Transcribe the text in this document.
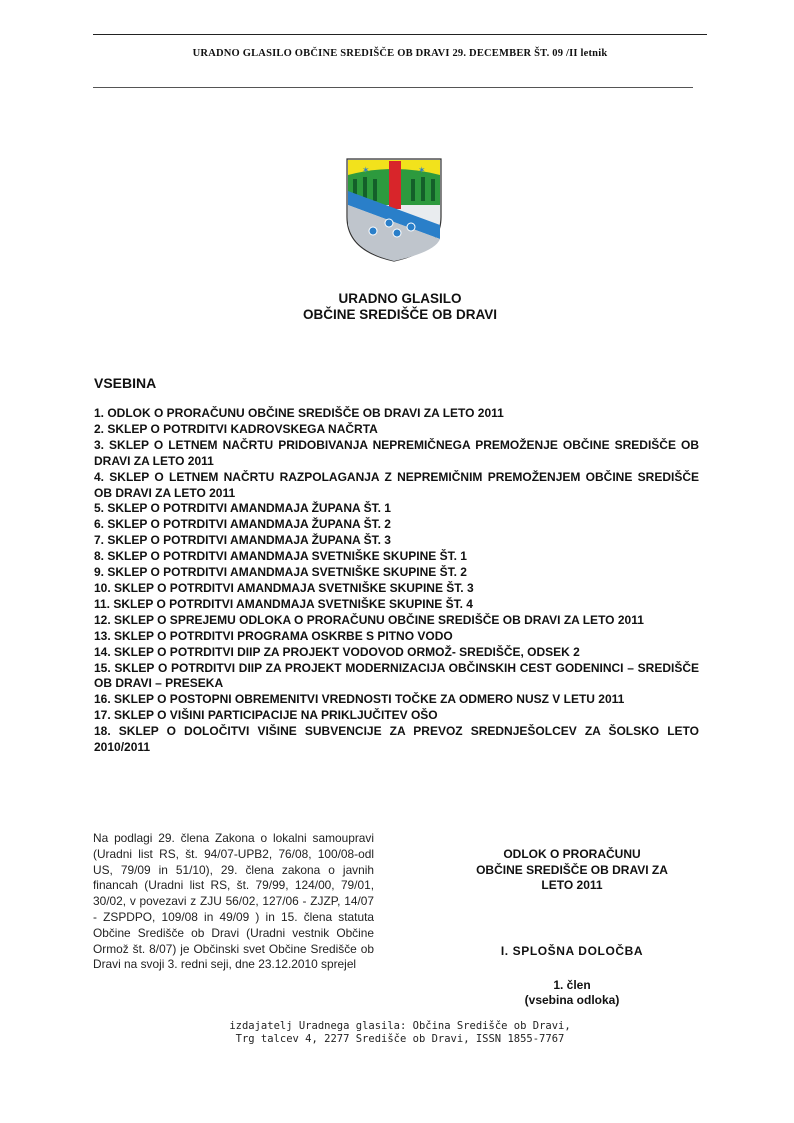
URADNO GLASILO OBČINE SREDIŠČE OB DRAVI 29. DECEMBER ŠT. 09 /II letnik
✶	✶
URADNO GLASILO
OBČINE SREDIŠČE OB DRAVI
VSEBINA
1. ODLOK O PRORAČUNU OBČINE SREDIŠČE OB DRAVI ZA LETO 2011
2. SKLEP O POTRDITVI KADROVSKEGA NAČRTA
3. SKLEP O LETNEM NAČRTU PRIDOBIVANJA NEPREMIČNEGA PREMOŽENJE OBČINE SREDIŠČE OB DRAVI ZA LETO 2011
4. SKLEP O LETNEM NAČRTU RAZPOLAGANJA Z NEPREMIČNIM PREMOŽENJEM OBČINE SREDIŠČE OB DRAVI ZA LETO 2011
5. SKLEP O POTRDITVI AMANDMAJA ŽUPANA ŠT. 1
6. SKLEP O POTRDITVI AMANDMAJA ŽUPANA ŠT. 2
7. SKLEP O POTRDITVI AMANDMAJA ŽUPANA ŠT. 3
8. SKLEP O POTRDITVI AMANDMAJA SVETNIŠKE SKUPINE ŠT. 1
9. SKLEP O POTRDITVI AMANDMAJA SVETNIŠKE SKUPINE ŠT. 2
10. SKLEP O POTRDITVI AMANDMAJA SVETNIŠKE SKUPINE ŠT. 3
11. SKLEP O POTRDITVI AMANDMAJA SVETNIŠKE SKUPINE ŠT. 4
12. SKLEP O SPREJEMU ODLOKA O PRORAČUNU OBČINE SREDIŠČE OB DRAVI ZA LETO 2011
13. SKLEP O POTRDITVI PROGRAMA OSKRBE S PITNO VODO
14. SKLEP O POTRDITVI DIIP ZA PROJEKT VODOVOD ORMOŽ- SREDIŠČE, ODSEK 2
15. SKLEP O POTRDITVI DIIP ZA PROJEKT MODERNIZACIJA OBČINSKIH CEST GODENINCI – SREDIŠČE OB DRAVI – PRESEKA
16. SKLEP O POSTOPNI OBREMENITVI VREDNOSTI TOČKE ZA ODMERO NUSZ V LETU 2011
17. SKLEP O VIŠINI PARTICIPACIJE NA PRIKLJUČITEV OŠO
18. SKLEP O DOLOČITVI VIŠINE SUBVENCIJE ZA PREVOZ SREDNJEŠOLCEV ZA ŠOLSKO LETO 2010/2011
Na podlagi 29. člena Zakona o lokalni samoupravi (Uradni list RS, št. 94/07-UPB2, 76/08, 100/08-odl US, 79/09 in 51/10), 29. člena zakona o javnih financah (Uradni list RS, št. 79/99, 124/00, 79/01, 30/02, v povezavi z ZJU 56/02, 127/06 - ZJZP, 14/07 - ZSPDPO, 109/08 in 49/09 ) in 15. člena statuta Občine Središče ob Dravi (Uradni vestnik Občine Ormož št. 8/07) je Občinski svet Občine Središče ob Dravi na svoji 3. redni seji, dne 23.12.2010 sprejel
ODLOK O PRORAČUNU
OBČINE SREDIŠČE OB DRAVI ZA
LETO 2011
I. SPLOŠNA DOLOČBA
1. člen
(vsebina odloka)
izdajatelj Uradnega glasila: Občina Središče ob Dravi,
Trg talcev 4, 2277 Središče ob Dravi, ISSN 1855-7767
